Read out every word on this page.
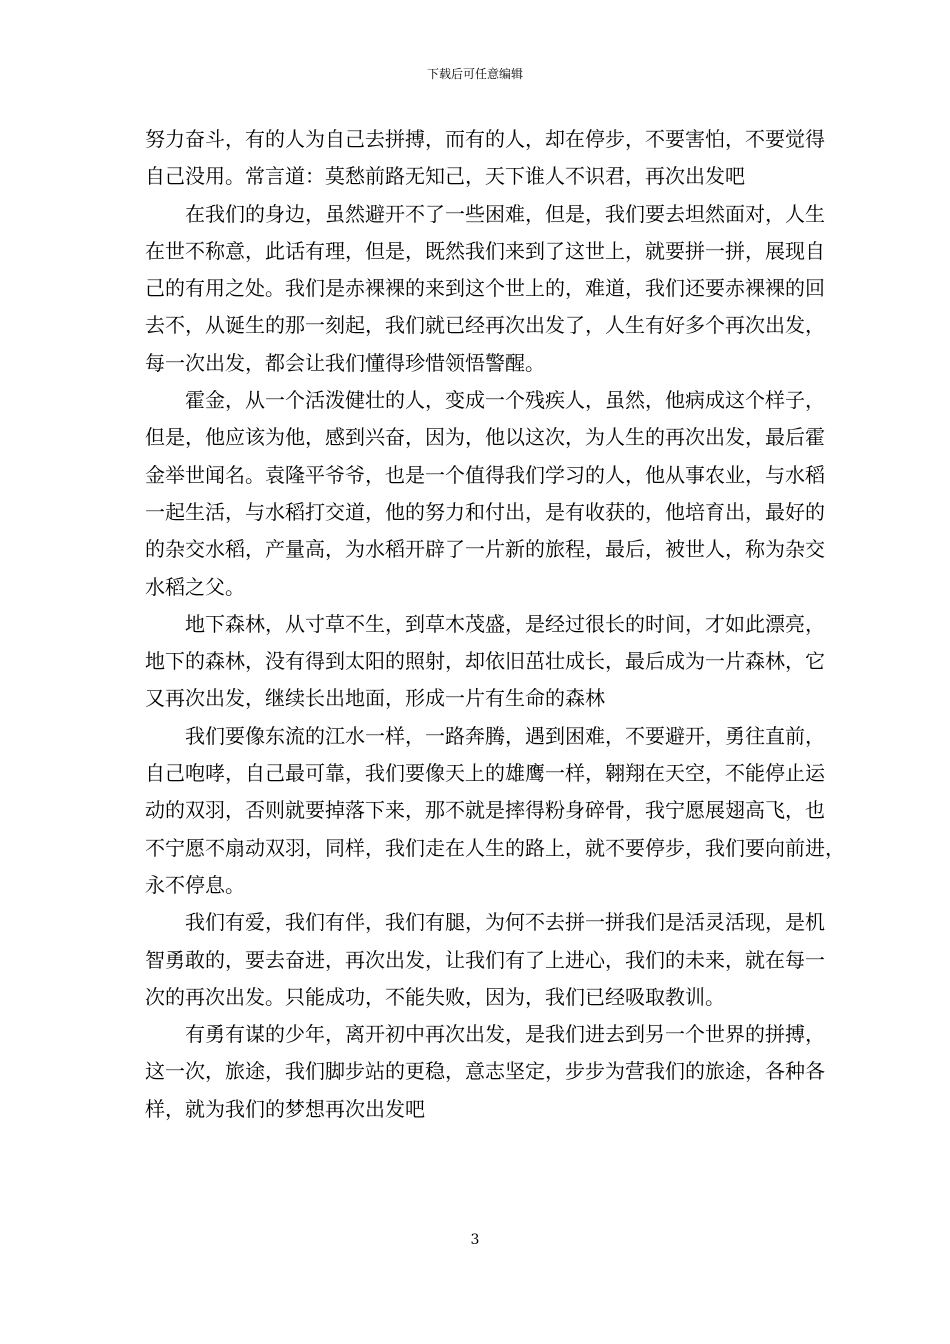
下载后可任意编辑
努力奋斗，有的人为自己去拼搏，而有的人，却在停步，不要害怕，不要觉得
自己没用。常言道：莫愁前路无知己，天下谁人不识君，再次出发吧
在我们的身边，虽然避开不了一些困难，但是，我们要去坦然面对，人生
在世不称意，此话有理，但是，既然我们来到了这世上，就要拼一拼，展现自
己的有用之处。我们是赤裸裸的来到这个世上的，难道，我们还要赤裸裸的回
去不，从诞生的那一刻起，我们就已经再次出发了，人生有好多个再次出发，
每一次出发，都会让我们懂得珍惜领悟警醒。
霍金，从一个活泼健壮的人，变成一个残疾人，虽然，他病成这个样子，
但是，他应该为他，感到兴奋，因为，他以这次，为人生的再次出发，最后霍
金举世闻名。袁隆平爷爷，也是一个值得我们学习的人，他从事农业，与水稻
一起生活，与水稻打交道，他的努力和付出，是有收获的，他培育出，最好的
的杂交水稻，产量高，为水稻开辟了一片新的旅程，最后，被世人，称为杂交
水稻之父。
地下森林，从寸草不生，到草木茂盛，是经过很长的时间，才如此漂亮，
地下的森林，没有得到太阳的照射，却依旧茁壮成长，最后成为一片森林，它
又再次出发，继续长出地面，形成一片有生命的森林
我们要像东流的江水一样，一路奔腾，遇到困难，不要避开，勇往直前，
自己咆哮，自己最可靠，我们要像天上的雄鹰一样，翱翔在天空，不能停止运
动的双羽，否则就要掉落下来，那不就是摔得粉身碎骨，我宁愿展翅高飞，也
不宁愿不扇动双羽，同样，我们走在人生的路上，就不要停步，我们要向前进，
永不停息。
我们有爱，我们有伴，我们有腿，为何不去拼一拼我们是活灵活现，是机
智勇敢的，要去奋进，再次出发，让我们有了上进心，我们的未来，就在每一
次的再次出发。只能成功，不能失败，因为，我们已经吸取教训。
有勇有谋的少年，离开初中再次出发，是我们进去到另一个世界的拼搏，
这一次，旅途，我们脚步站的更稳，意志坚定，步步为营我们的旅途，各种各
样，就为我们的梦想再次出发吧
3
